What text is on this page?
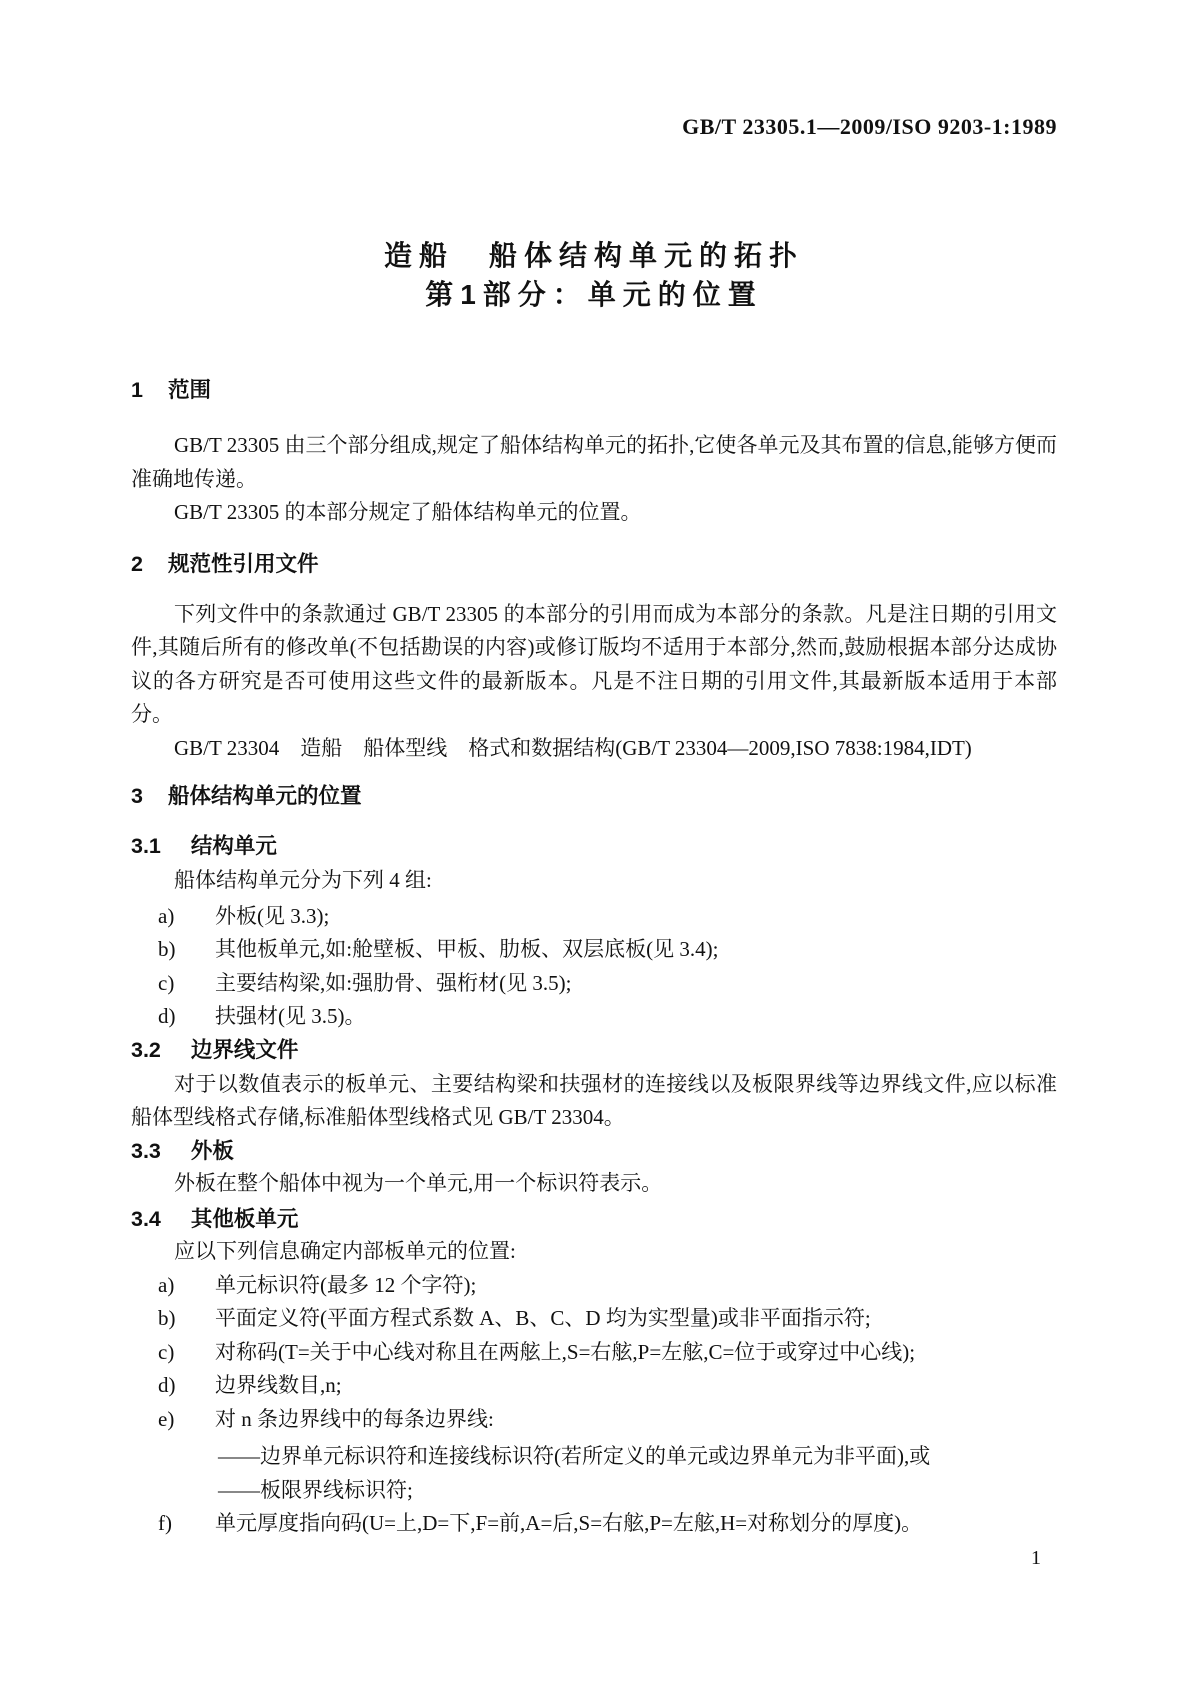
GB/T 23305.1—2009/ISO 9203-1:1989
造船　船体结构单元的拓扑
第1部分：单元的位置
1 范围

GB/T 23305 由三个部分组成,规定了船体结构单元的拓扑,它使各单元及其布置的信息,能够方便而准确地传递。

GB/T 23305 的本部分规定了船体结构单元的位置。

2 规范性引用文件

下列文件中的条款通过 GB/T 23305 的本部分的引用而成为本部分的条款。凡是注日期的引用文件,其随后所有的修改单(不包括勘误的内容)或修订版均不适用于本部分,然而,鼓励根据本部分达成协议的各方研究是否可使用这些文件的最新版本。凡是不注日期的引用文件,其最新版本适用于本部分。

GB/T 23304　造船　船体型线　格式和数据结构(GB/T 23304—2009,ISO 7838:1984,IDT)

3 船体结构单元的位置
3.1 结构单元

船体结构单元分为下列 4 组:

a) 外板(见 3.3);
b) 其他板单元,如:舱壁板、甲板、肋板、双层底板(见 3.4);
c) 主要结构梁,如:强肋骨、强桁材(见 3.5);
d) 扶强材(见 3.5)。
3.2 边界线文件

对于以数值表示的板单元、主要结构梁和扶强材的连接线以及板限界线等边界线文件,应以标准船体型线格式存储,标准船体型线格式见 GB/T 23304。

3.3 外板

外板在整个船体中视为一个单元,用一个标识符表示。

3.4 其他板单元

应以下列信息确定内部板单元的位置:

a) 单元标识符(最多 12 个字符);
b) 平面定义符(平面方程式系数 A、B、C、D 均为实型量)或非平面指示符;
c) 对称码(T=关于中心线对称且在两舷上,S=右舷,P=左舷,C=位于或穿过中心线);
d) 边界线数目,n;
e) 对 n 条边界线中的每条边界线:

——边界单元标识符和连接线标识符(若所定义的单元或边界单元为非平面),或

——板限界线标识符;

f) 单元厚度指向码(U=上,D=下,F=前,A=后,S=右舷,P=左舷,H=对称划分的厚度)。
1
